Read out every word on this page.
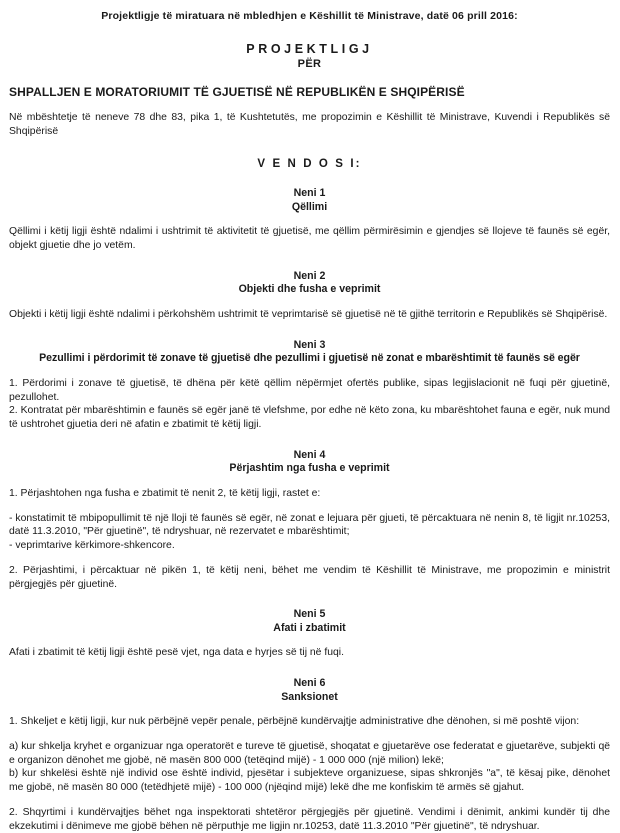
Projektligje të miratuara në mbledhjen e Këshillit të Ministrave, datë 06 prill 2016:
PROJEKTLIGJ
PËR
SHPALLJEN E MORATORIUMIT TË GJUETISË NË REPUBLIKËN E SHQIPËRISË

Në mbështetje të neneve 78 dhe 83, pika 1, të Kushtetutës, me propozimin e Këshillit të Ministrave, Kuvendi i Republikës së Shqipërisë

V E N D O S I:
Neni 1
Qëllimi

Qëllimi i këtij ligji është ndalimi i ushtrimit të aktivitetit të gjuetisë, me qëllim përmirësimin e gjendjes së llojeve të faunës së egër, objekt gjuetie dhe jo vetëm.

Neni 2
Objekti dhe fusha e veprimit

Objekti i këtij ligji është ndalimi i përkohshëm ushtrimit të veprimtarisë së gjuetisë në të gjithë territorin e Republikës së Shqipërisë.

Neni 3
Pezullimi i përdorimit të zonave të gjuetisë dhe pezullimi i gjuetisë në zonat e mbarështimit të faunës së egër

1. Përdorimi i zonave të gjuetisë, të dhëna për këtë qëllim nëpërmjet ofertës publike, sipas legjislacionit në fuqi për gjuetinë, pezullohet.

2. Kontratat për mbarështimin e faunës së egër janë të vlefshme, por edhe në këto zona, ku mbarështohet fauna e egër, nuk mund të ushtrohet gjuetia deri në afatin e zbatimit të këtij ligji.

Neni 4
Përjashtim nga fusha e veprimit

1. Përjashtohen nga fusha e zbatimit të nenit 2, të këtij ligji, rastet e:

- konstatimit të mbipopullimit të një lloji të faunës së egër, në zonat e lejuara për gjueti, të përcaktuara në nenin 8, të ligjit nr.10253, datë 11.3.2010, "Për gjuetinë", të ndryshuar, në rezervatet e mbarështimit;

- veprimtarive kërkimore-shkencore.

2. Përjashtimi, i përcaktuar në pikën 1, të këtij neni, bëhet me vendim të Këshillit të Ministrave, me propozimin e ministrit përgjegjës për gjuetinë.

Neni 5
Afati i zbatimit

Afati i zbatimit të këtij ligji është pesë vjet, nga data e hyrjes së tij në fuqi.

Neni 6
Sanksionet

1. Shkeljet e këtij ligji, kur nuk përbëjnë vepër penale, përbëjnë kundërvajtje administrative dhe dënohen, si më poshtë vijon:

a) kur shkelja kryhet e organizuar nga operatorët e tureve të gjuetisë, shoqatat e gjuetarëve ose federatat e gjuetarëve, subjekti që e organizon dënohet me gjobë, në masën 800 000 (tetëqind mijë) - 1 000 000 (një milion) lekë;

b) kur shkelësi është një individ ose është individ, pjesëtar i subjekteve organizuese, sipas shkronjës "a", të kësaj pike, dënohet me gjobë, në masën 80 000 (tetëdhjetë mijë) - 100 000 (njëqind mijë) lekë dhe me konfiskim të armës së gjahut.

2. Shqyrtimi i kundërvajtjes bëhet nga inspektorati shtetëror përgjegjës për gjuetinë. Vendimi i dënimit, ankimi kundër tij dhe ekzekutimi i dënimeve me gjobë bëhen në përputhje me ligjin nr.10253, datë 11.3.2010 "Për gjuetinë", të ndryshuar.
